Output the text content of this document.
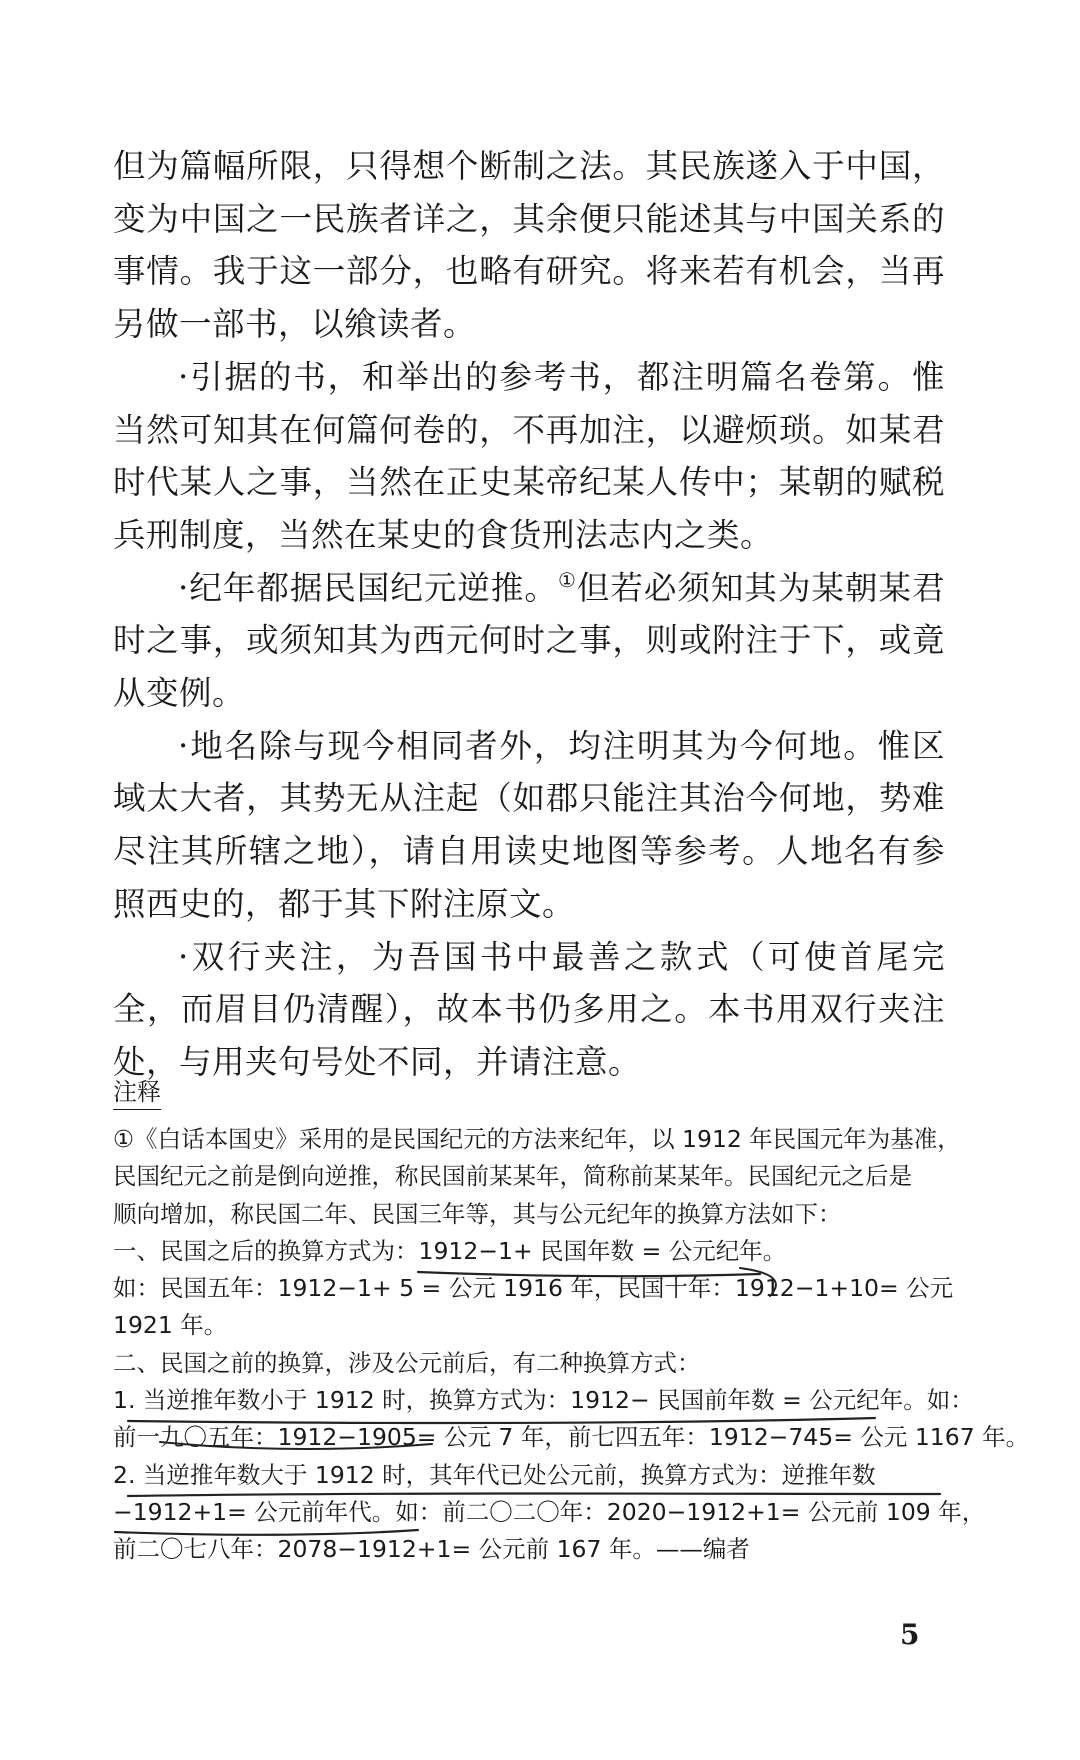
但为篇幅所限，只得想个断制之法。其民族遂入于中国，变为中国之一民族者详之，其余便只能述其与中国关系的事情。我于这一部分，也略有研究。将来若有机会，当再另做一部书，以飨读者。

·引据的书，和举出的参考书，都注明篇名卷第。惟当然可知其在何篇何卷的，不再加注，以避烦琐。如某君时代某人之事，当然在正史某帝纪某人传中；某朝的赋税兵刑制度，当然在某史的食货刑法志内之类。

·纪年都据民国纪元逆推。①但若必须知其为某朝某君时之事，或须知其为西元何时之事，则或附注于下，或竟从变例。

·地名除与现今相同者外，均注明其为今何地。惟区域太大者，其势无从注起（如郡只能注其治今何地，势难尽注其所辖之地），请自用读史地图等参考。人地名有参照西史的，都于其下附注原文。

·双行夹注，为吾国书中最善之款式（可使首尾完全，而眉目仍清醒），故本书仍多用之。本书用双行夹注处，与用夹句号处不同，并请注意。

注释

①《白话本国史》采用的是民国纪元的方法来纪年，以 1912 年民国元年为基准，

民国纪元之前是倒向逆推，称民国前某某年，简称前某某年。民国纪元之后是

顺向增加，称民国二年、民国三年等，其与公元纪年的换算方法如下：

一、民国之后的换算方式为：1912−1+ 民国年数 = 公元纪年。

如：民国五年：1912−1+ 5 = 公元 1916 年，民国十年：1912−1+10= 公元

1921 年。

二、民国之前的换算，涉及公元前后，有二种换算方式：

1. 当逆推年数小于 1912 时，换算方式为：1912− 民国前年数 = 公元纪年。如：

前一九〇五年：1912−1905= 公元 7 年，前七四五年：1912−745= 公元 1167 年。

2. 当逆推年数大于 1912 时，其年代已处公元前，换算方式为：逆推年数

−1912+1= 公元前年代。如：前二〇二〇年：2020−1912+1= 公元前 109 年，

前二〇七八年：2078−1912+1= 公元前 167 年。——编者

5
